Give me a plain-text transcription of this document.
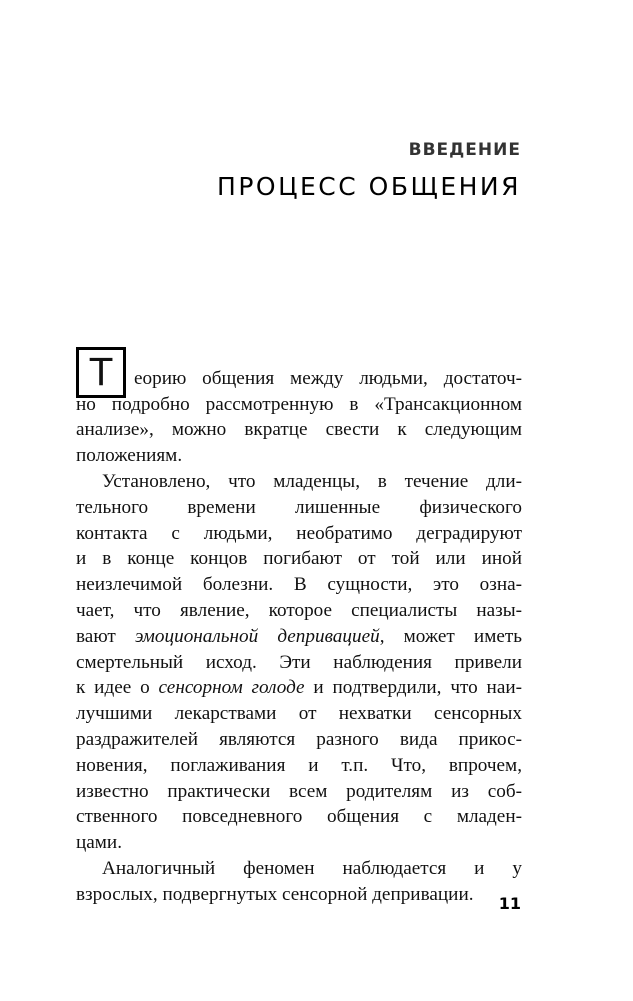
ВВЕДЕНИЕ
ПРОЦЕСС ОБЩЕНИЯ
Т	еорию общения между людьми, достаточ-
но подробно рассмотренную в «Трансакционном
анализе», можно вкратце свести к следующим
положениям.
Установлено, что младенцы, в течение дли-
тельного времени лишенные физического
контакта с людьми, необратимо деградируют
и в конце концов погибают от той или иной
неизлечимой болезни. В сущности, это озна-
чает, что явление, которое специалисты назы-
вают эмоциональной депривацией, может иметь
смертельный исход. Эти наблюдения привели
к идее о сенсорном голоде и подтвердили, что наи-
лучшими лекарствами от нехватки сенсорных
раздражителей являются разного вида прикос-
новения, поглаживания и т.п. Что, впрочем,
известно практически всем родителям из соб-
ственного повседневного общения с младен-
цами.
Аналогичный феномен наблюдается и у
взрослых, подвергнутых сенсорной депривации.	11
